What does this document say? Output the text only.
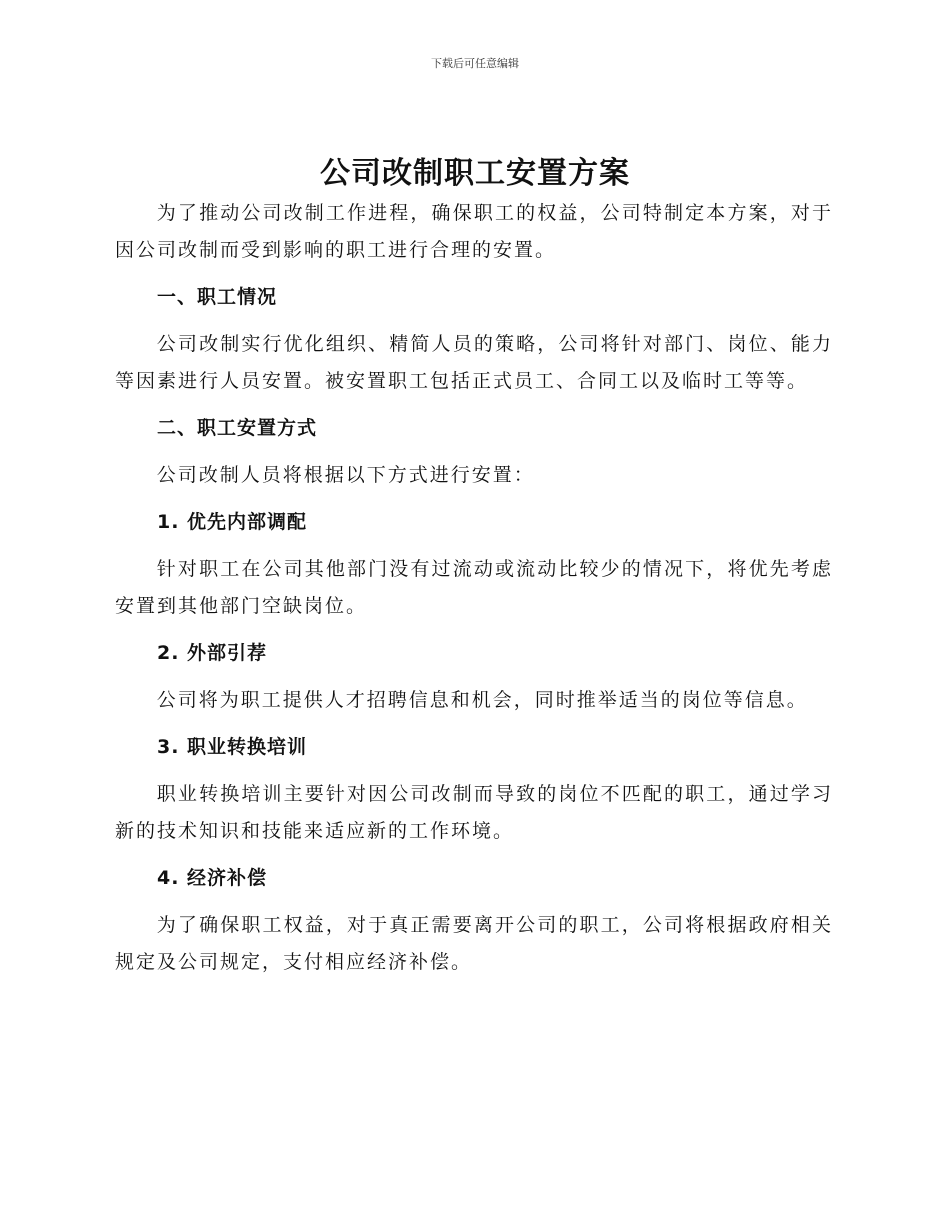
下载后可任意编辑
公司改制职工安置方案

为了推动公司改制工作进程，确保职工的权益，公司特制定本方案，对于因公司改制而受到影响的职工进行合理的安置。

一、职工情况

公司改制实行优化组织、精简人员的策略，公司将针对部门、岗位、能力等因素进行人员安置。被安置职工包括正式员工、合同工以及临时工等等。

二、职工安置方式

公司改制人员将根据以下方式进行安置：

1. 优先内部调配

针对职工在公司其他部门没有过流动或流动比较少的情况下，将优先考虑安置到其他部门空缺岗位。

2. 外部引荐

公司将为职工提供人才招聘信息和机会，同时推举适当的岗位等信息。

3. 职业转换培训

职业转换培训主要针对因公司改制而导致的岗位不匹配的职工，通过学习新的技术知识和技能来适应新的工作环境。

4. 经济补偿

为了确保职工权益，对于真正需要离开公司的职工，公司将根据政府相关规定及公司规定，支付相应经济补偿。
